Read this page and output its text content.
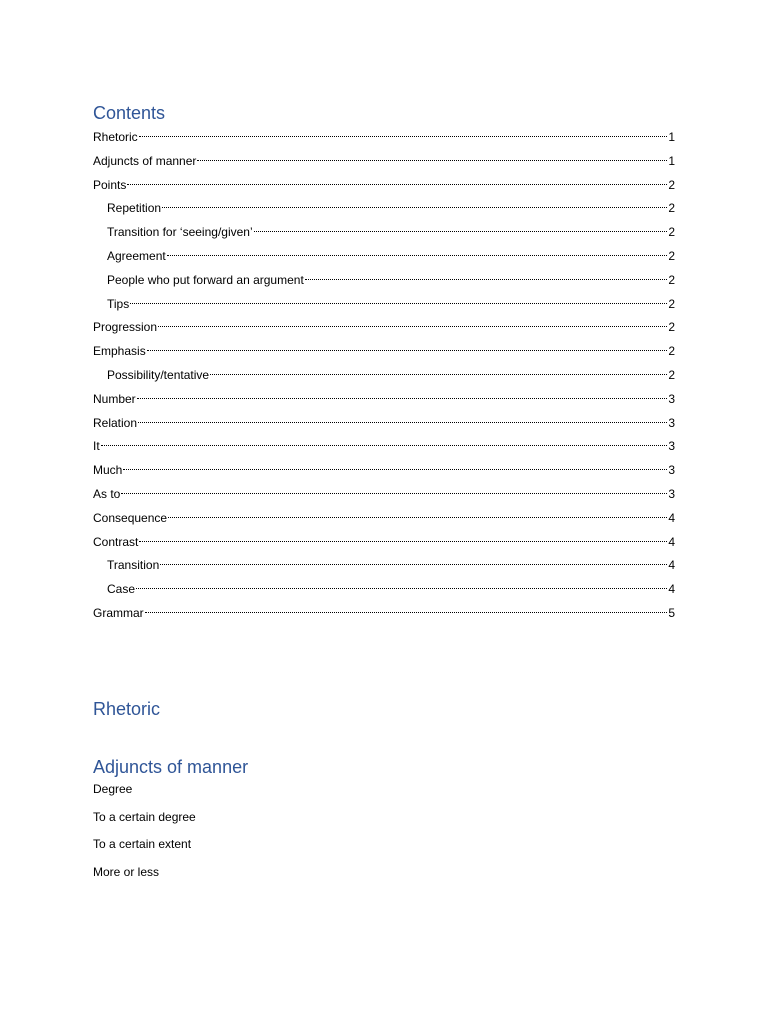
Contents
Rhetoric	1
Adjuncts of manner	1
Points	2
Repetition	2
Transition for ‘seeing/given’	2
Agreement	2
People who put forward an argument	2
Tips	2
Progression	2
Emphasis	2
Possibility/tentative	2
Number	3
Relation	3
It	3
Much	3
As to	3
Consequence	4
Contrast	4
Transition	4
Case	4
Grammar	5
Rhetoric
Adjuncts of manner
Degree
To a certain degree
To a certain extent
More or less
